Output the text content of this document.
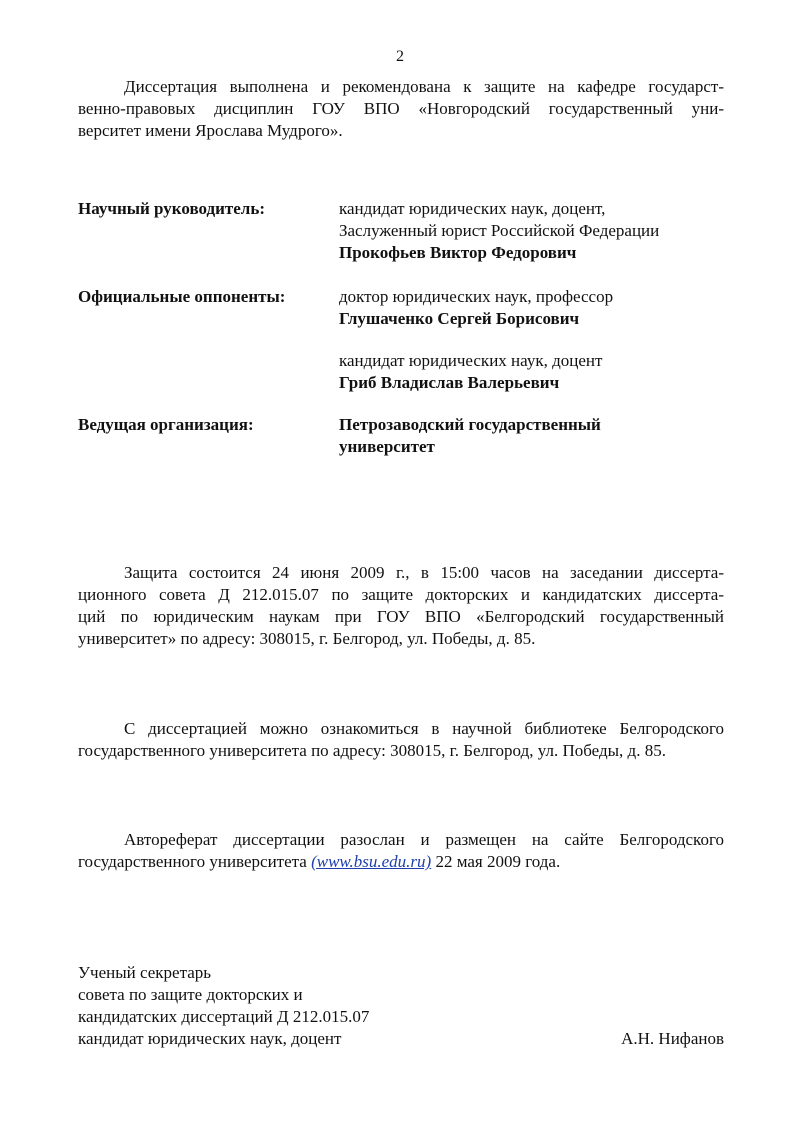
2

Диссертация выполнена и рекомендована к защите на кафедре государст-

венно-правовых дисциплин ГОУ ВПО «Новгородский государственный уни-

верситет имени Ярослава Мудрого».

Научный руководитель:	кандидат юридических наук, доцент,

Заслуженный юрист Российской Федерации

Прокофьев Виктор Федорович

Официальные оппоненты:	доктор юридических наук, профессор

Глушаченко Сергей Борисович

кандидат юридических наук, доцент

Гриб Владислав Валерьевич

Ведущая организация:	Петрозаводский государственный

университет

Защита состоится 24 июня 2009 г., в 15:00 часов на заседании диссерта-

ционного совета Д 212.015.07 по защите докторских и кандидатских диссерта-

ций по юридическим наукам при ГОУ ВПО «Белгородский государственный

университет» по адресу: 308015, г. Белгород, ул. Победы, д. 85.

С диссертацией можно ознакомиться в научной библиотеке Белгородского

государственного университета по адресу: 308015, г. Белгород, ул. Победы, д. 85.

Автореферат диссертации разослан и размещен на сайте Белгородского

государственного университета (www.bsu.edu.ru) 22 мая 2009 года.

Ученый секретарь

совета по защите докторских и

кандидатских диссертаций Д 212.015.07

кандидат юридических наук, доцент	А.Н. Нифанов
